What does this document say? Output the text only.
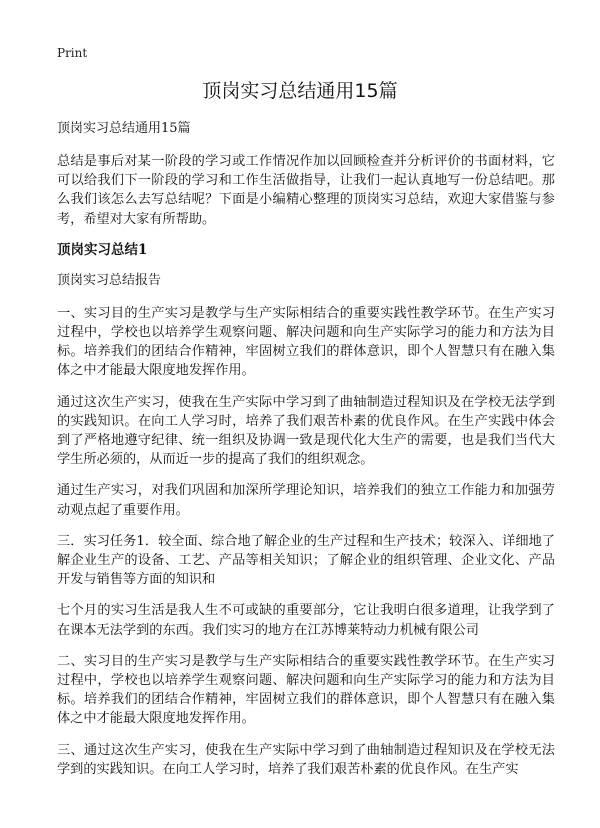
Print
顶岗实习总结通用15篇

顶岗实习总结通用15篇

总结是事后对某一阶段的学习或工作情况作加以回顾检查并分析评价的书面材料，它可以给我们下一阶段的学习和工作生活做指导，让我们一起认真地写一份总结吧。那么我们该怎么去写总结呢？下面是小编精心整理的顶岗实习总结，欢迎大家借鉴与参考，希望对大家有所帮助。

顶岗实习总结1

顶岗实习总结报告

一、实习目的生产实习是教学与生产实际相结合的重要实践性教学环节。在生产实习过程中，学校也以培养学生观察问题、解决问题和向生产实际学习的能力和方法为目标。培养我们的团结合作精神，牢固树立我们的群体意识，即个人智慧只有在融入集体之中才能最大限度地发挥作用。

通过这次生产实习，使我在生产实际中学习到了曲轴制造过程知识及在学校无法学到的实践知识。在向工人学习时，培养了我们艰苦朴素的优良作风。在生产实践中体会到了严格地遵守纪律、统一组织及协调一致是现代化大生产的需要，也是我们当代大学生所必须的，从而近一步的提高了我们的组织观念。

通过生产实习，对我们巩固和加深所学理论知识，培养我们的独立工作能力和加强劳动观点起了重要作用。

三．实习任务1．较全面、综合地了解企业的生产过程和生产技术；较深入、详细地了解企业生产的设备、工艺、产品等相关知识；了解企业的组织管理、企业文化、产品开发与销售等方面的知识和

七个月的实习生活是我人生不可或缺的重要部分，它让我明白很多道理，让我学到了在课本无法学到的东西。我们实习的地方在江苏博莱特动力机械有限公司

二、实习目的生产实习是教学与生产实际相结合的重要实践性教学环节。在生产实习过程中，学校也以培养学生观察问题、解决问题和向生产实际学习的能力和方法为目标。培养我们的团结合作精神，牢固树立我们的群体意识，即个人智慧只有在融入集体之中才能最大限度地发挥作用。

三、通过这次生产实习，使我在生产实际中学习到了曲轴制造过程知识及在学校无法学到的实践知识。在向工人学习时，培养了我们艰苦朴素的优良作风。在生产实
